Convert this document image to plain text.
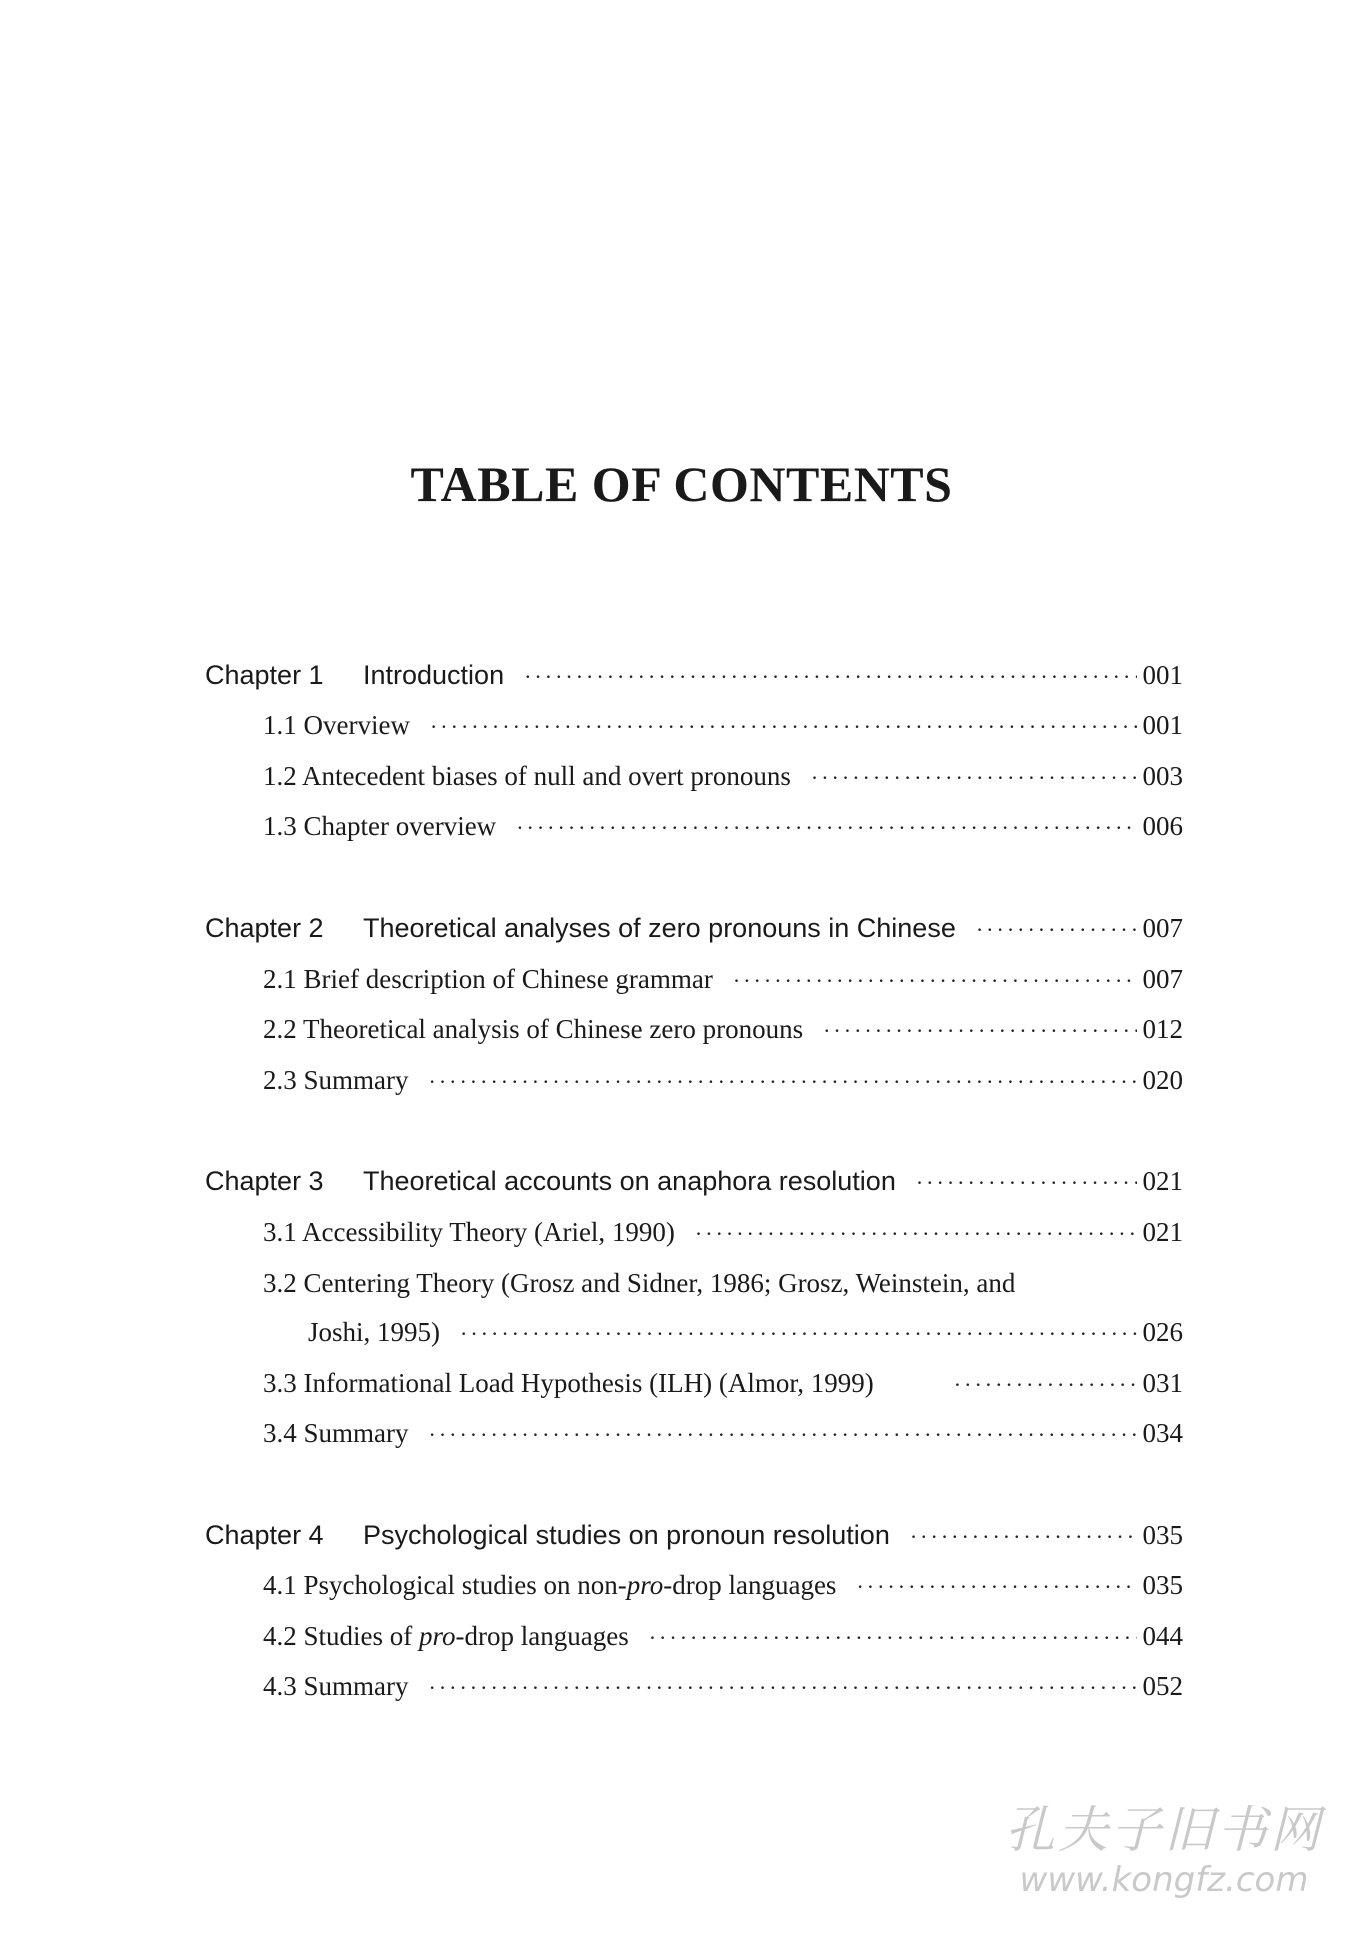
TABLE OF CONTENTS
Chapter 1 Introduction ·····	001
1.1 Overview ·····	001
1.2 Antecedent biases of null and overt pronouns ·····	003
1.3 Chapter overview ·····	006
Chapter 2 Theoretical analyses of zero pronouns in Chinese ·····	007
2.1 Brief description of Chinese grammar ·····	007
2.2 Theoretical analysis of Chinese zero pronouns ·····	012
2.3 Summary ·····	020
Chapter 3 Theoretical accounts on anaphora resolution ·····	021
3.1 Accessibility Theory (Ariel, 1990) ·····	021
3.2 Centering Theory (Grosz and Sidner, 1986; Grosz, Weinstein, and
Joshi, 1995) ·····	026
3.3 Informational Load Hypothesis (ILH) (Almor, 1999) ·····	031
3.4 Summary ·····	034
Chapter 4 Psychological studies on pronoun resolution ·····	035
4.1 Psychological studies on non-pro-drop languages ·····	035
4.2 Studies of pro-drop languages ·····	044
4.3 Summary ·····	052
孔夫子旧书网
www.kongfz.com
